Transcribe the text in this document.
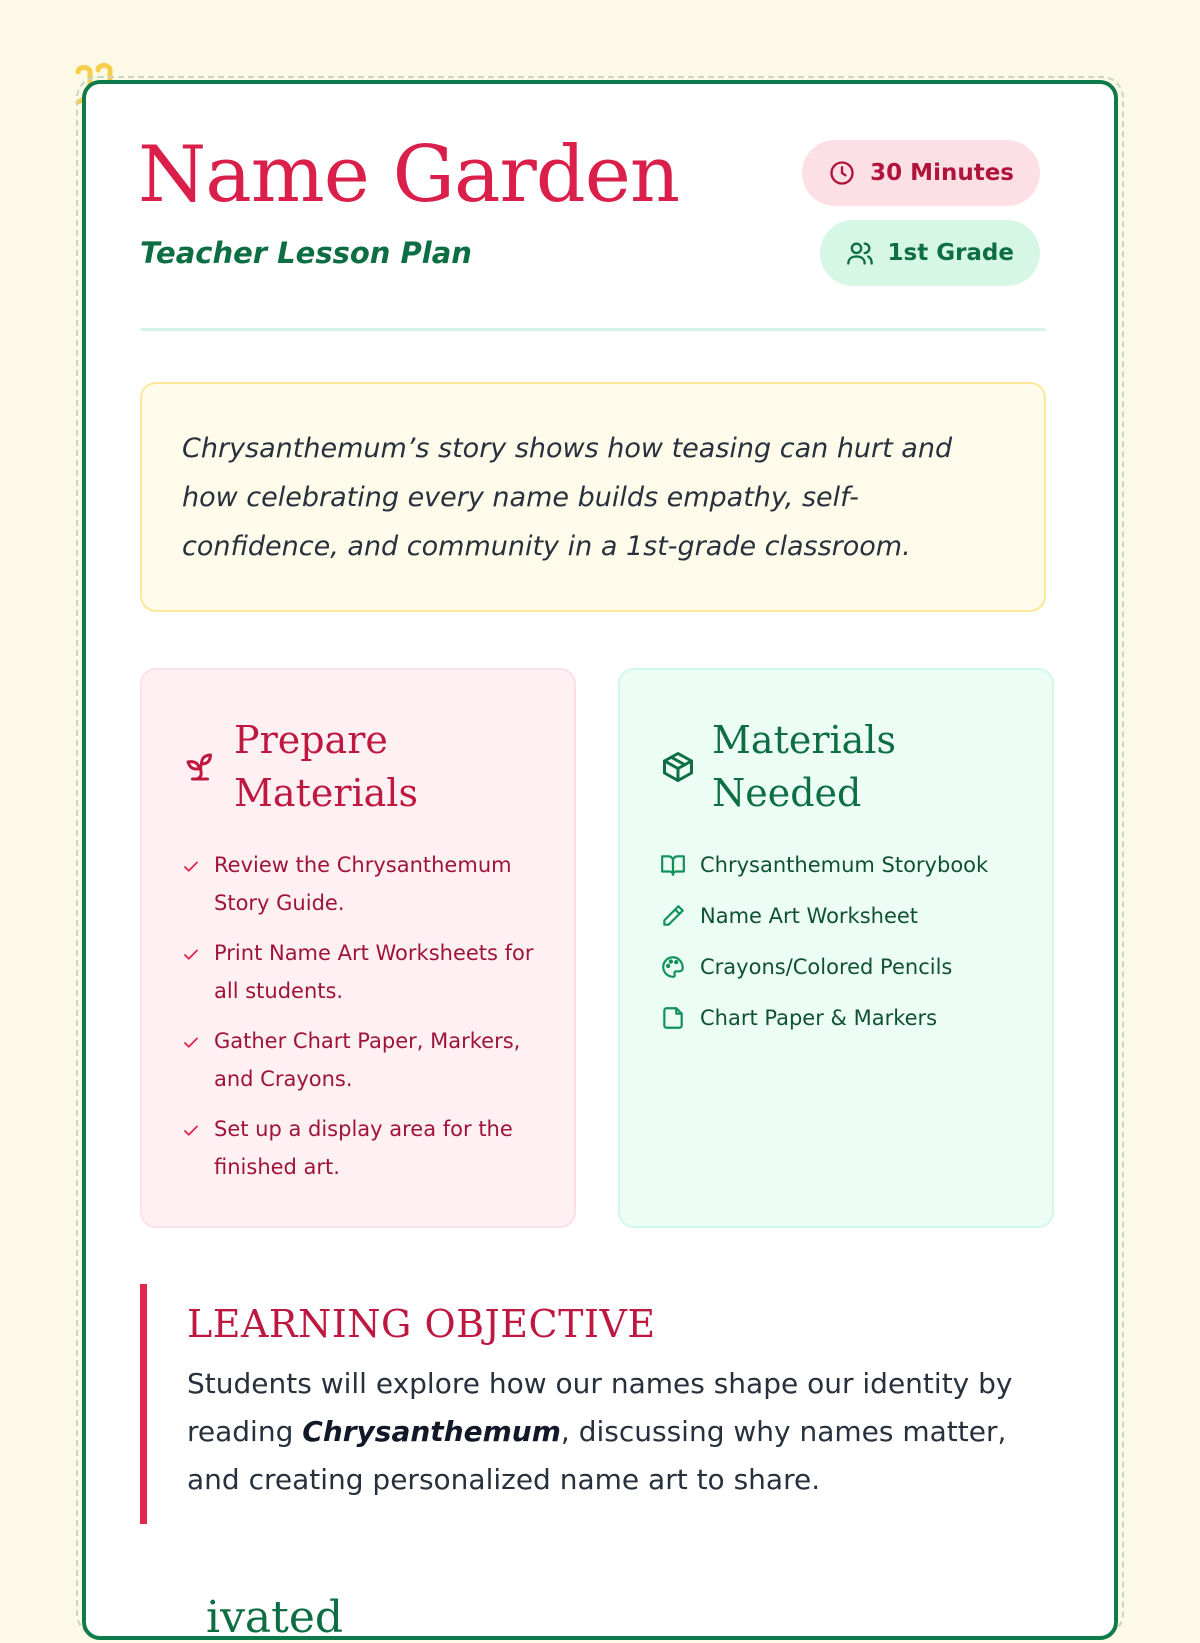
Name Garden
Teacher Lesson Plan
30 Minutes
1st Grade

Chrysanthemum’s story shows how teasing can hurt and how celebrating every name builds empathy, self-confidence, and community in a 1st-grade classroom.

Prepare Materials
Review the Chrysanthemum Story Guide.
Print Name Art Worksheets for all students.
Gather Chart Paper, Markers, and Crayons.
Set up a display area for the finished art.
Materials Needed
Chrysanthemum Storybook
Name Art Worksheet
Crayons/Colored Pencils
Chart Paper & Markers
LEARNING OBJECTIVE

Students will explore how our names shape our identity by reading Chrysanthemum, discussing why names matter, and creating personalized name art to share.

ivated
